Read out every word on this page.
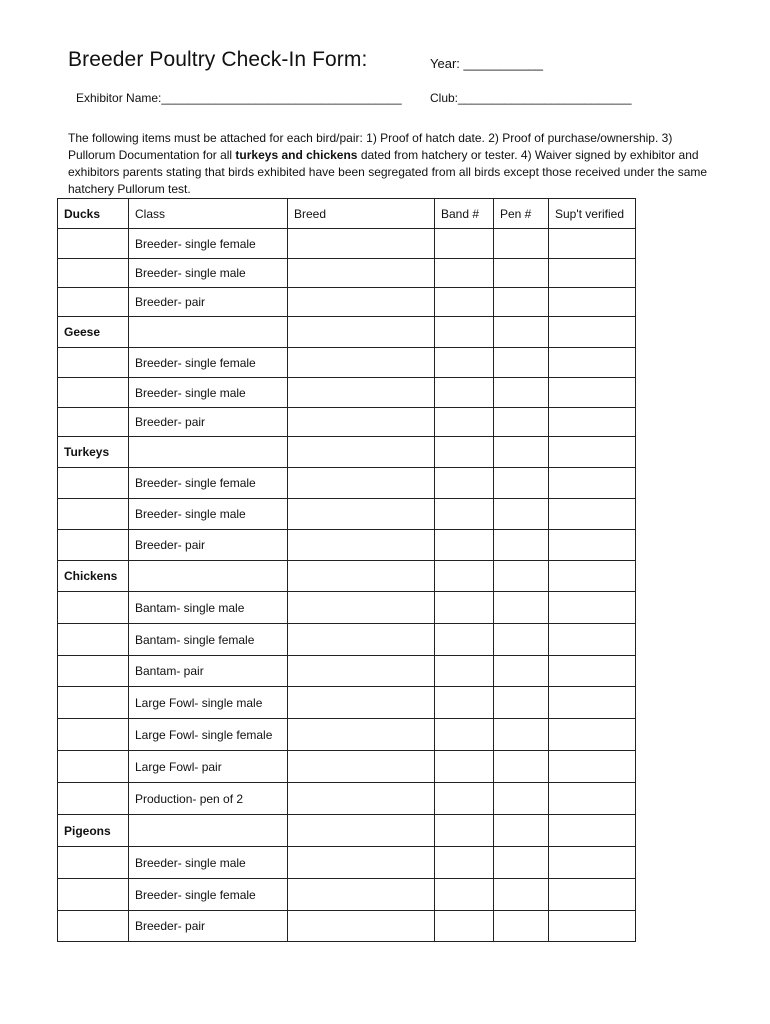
Breeder Poultry Check-In Form:	Year: ___________
Exhibitor Name:____________________________________ Club:__________________________
The following items must be attached for each bird/pair: 1) Proof of hatch date. 2) Proof of purchase/ownership. 3) Pullorum Documentation for all turkeys and chickens dated from hatchery or tester. 4) Waiver signed by exhibitor and exhibitors parents stating that birds exhibited have been segregated from all birds except those received under the same hatchery Pullorum test.
Ducks	Class	Breed	Band #	Pen #	Sup't verified
	Breeder- single female				
	Breeder- single male				
	Breeder- pair				
Geese					
	Breeder- single female				
	Breeder- single male				
	Breeder- pair				
Turkeys					
	Breeder- single female				
	Breeder- single male				
	Breeder- pair				
Chickens					
	Bantam- single male				
	Bantam- single female				
	Bantam- pair				
	Large Fowl- single male				
	Large Fowl- single female				
	Large Fowl- pair				
	Production- pen of 2				
Pigeons					
	Breeder- single male				
	Breeder- single female				
	Breeder- pair				
